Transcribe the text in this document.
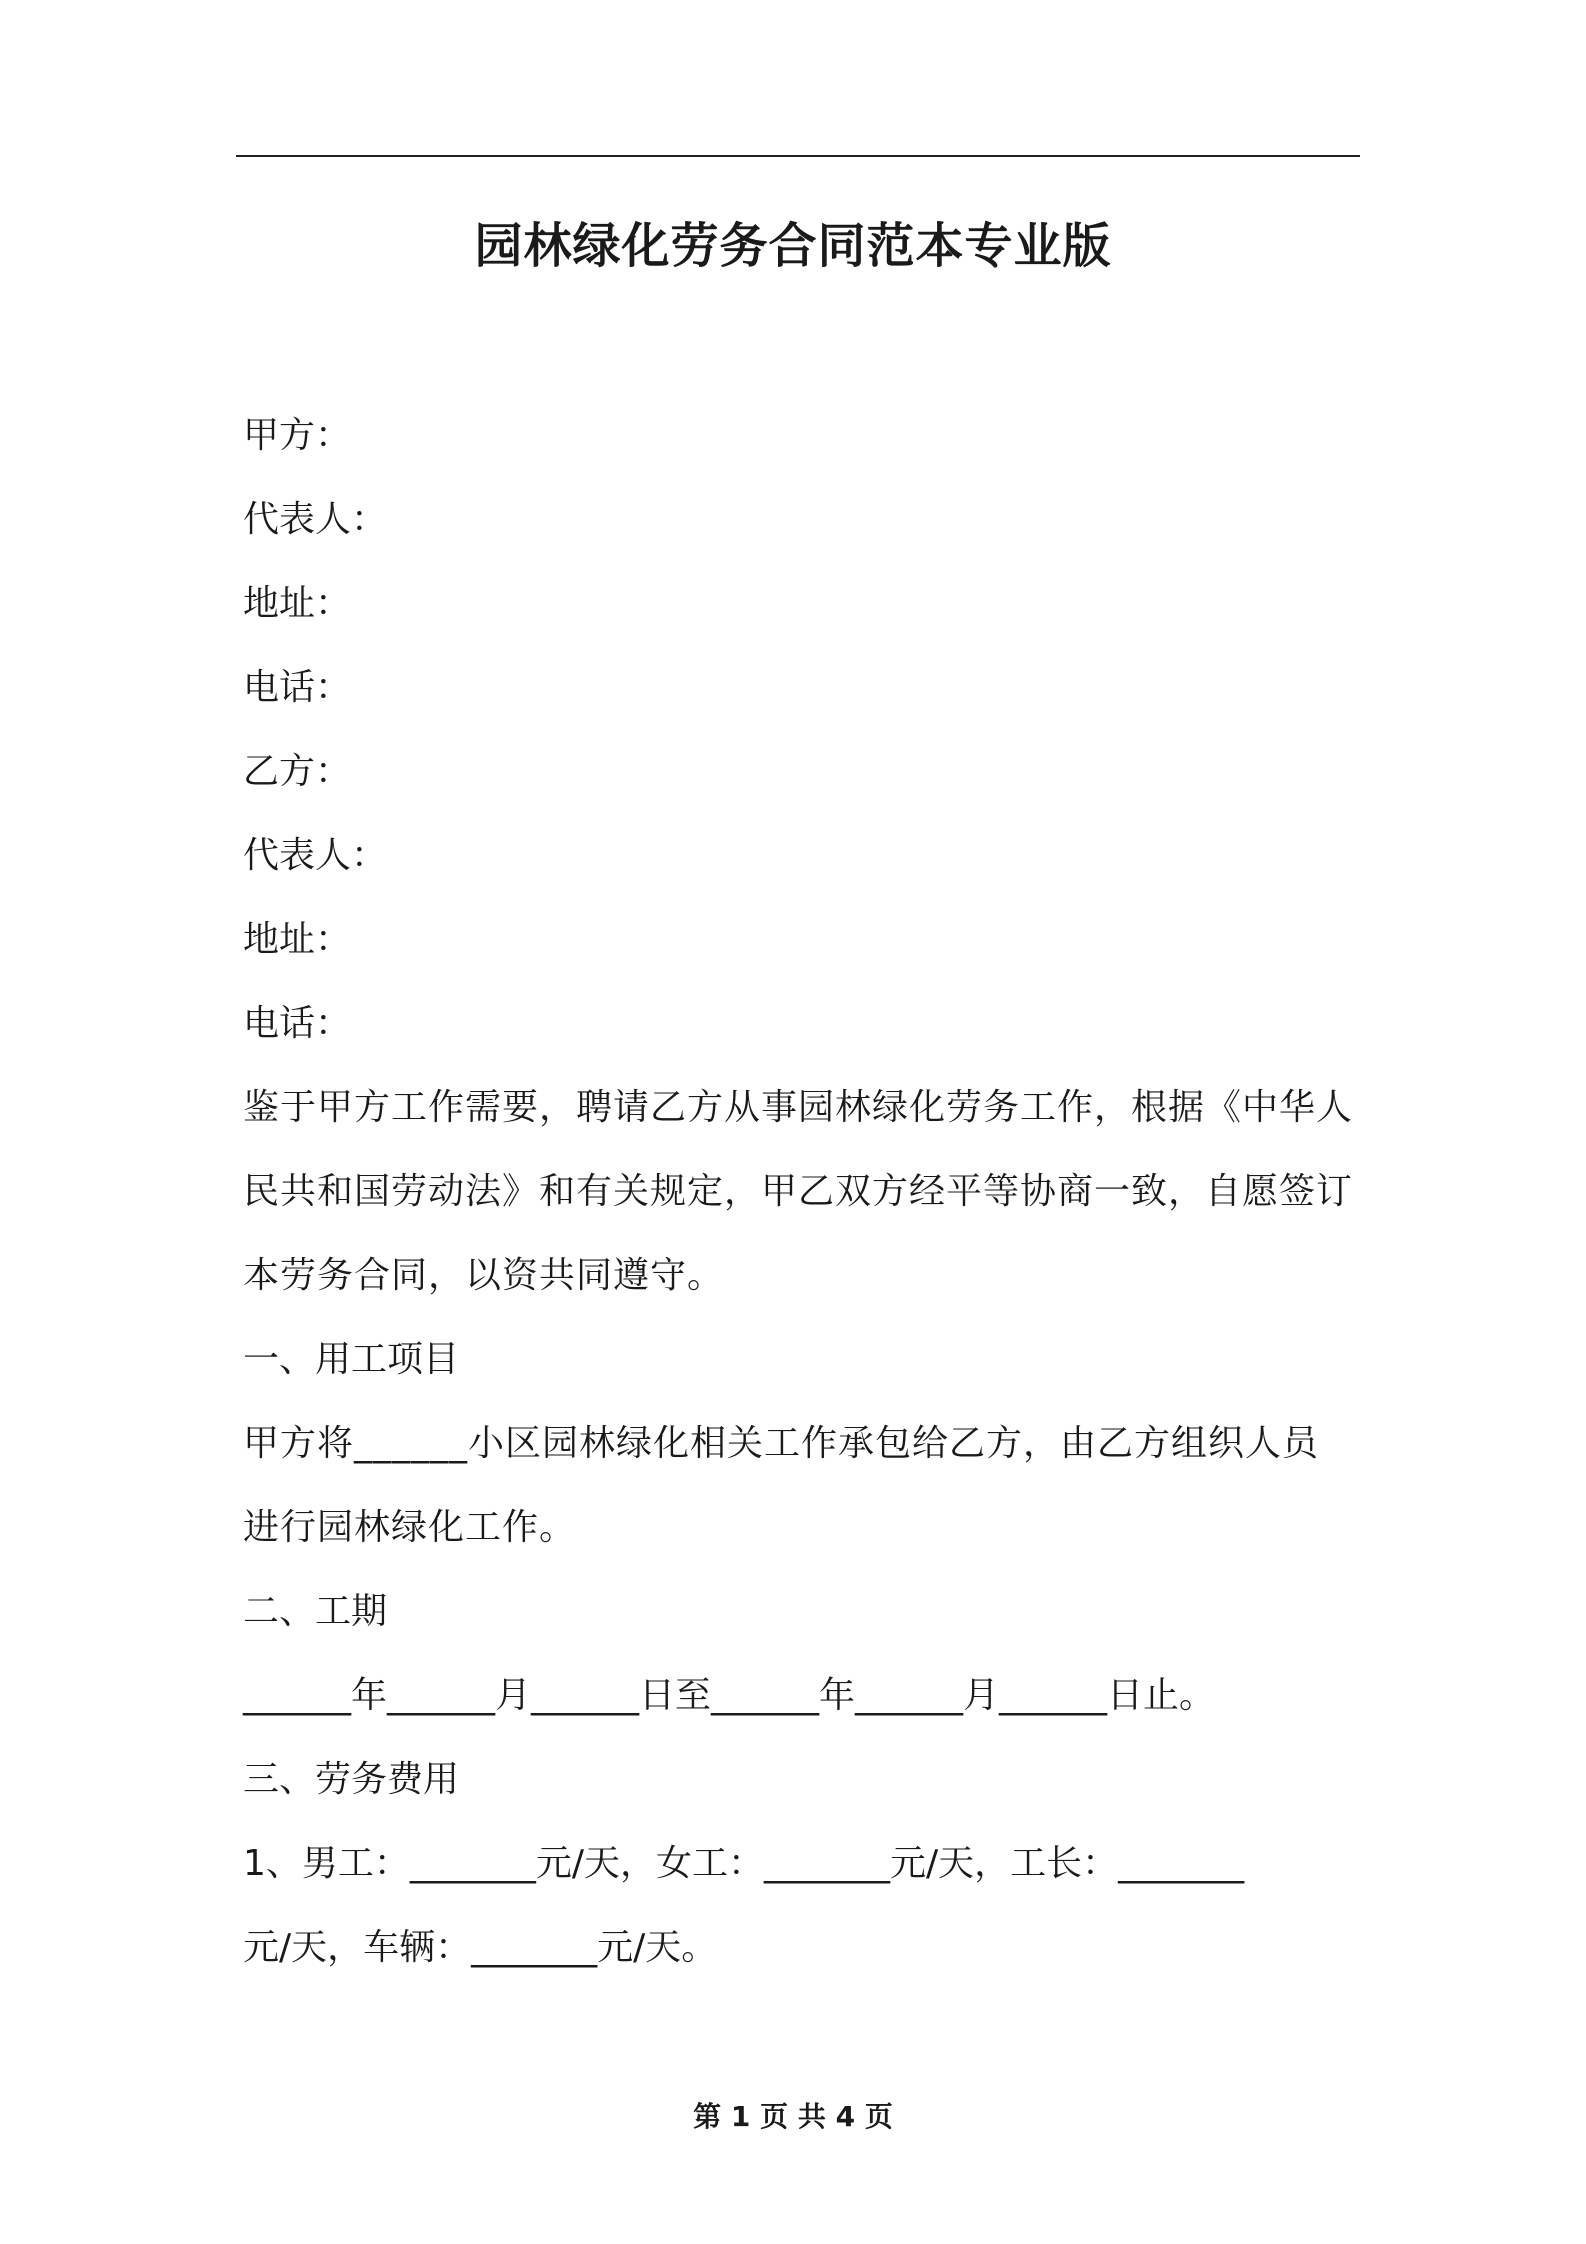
园林绿化劳务合同范本专业版
甲方：
代表人：
地址：
电话：
乙方：
代表人：
地址：
电话：
鉴于甲方工作需要，聘请乙方从事园林绿化劳务工作，根据《中华人
民共和国劳动法》和有关规定，甲乙双方经平等协商一致，自愿签订
本劳务合同，以资共同遵守。
一、用工项目
甲方将______小区园林绿化相关工作承包给乙方，由乙方组织人员
进行园林绿化工作。
二、工期
______年______月______日至______年______月______日止。
三、劳务费用
1、男工：_______元/天，女工：_______元/天，工长：_______
元/天，车辆：_______元/天。
第 1 页 共 4 页
